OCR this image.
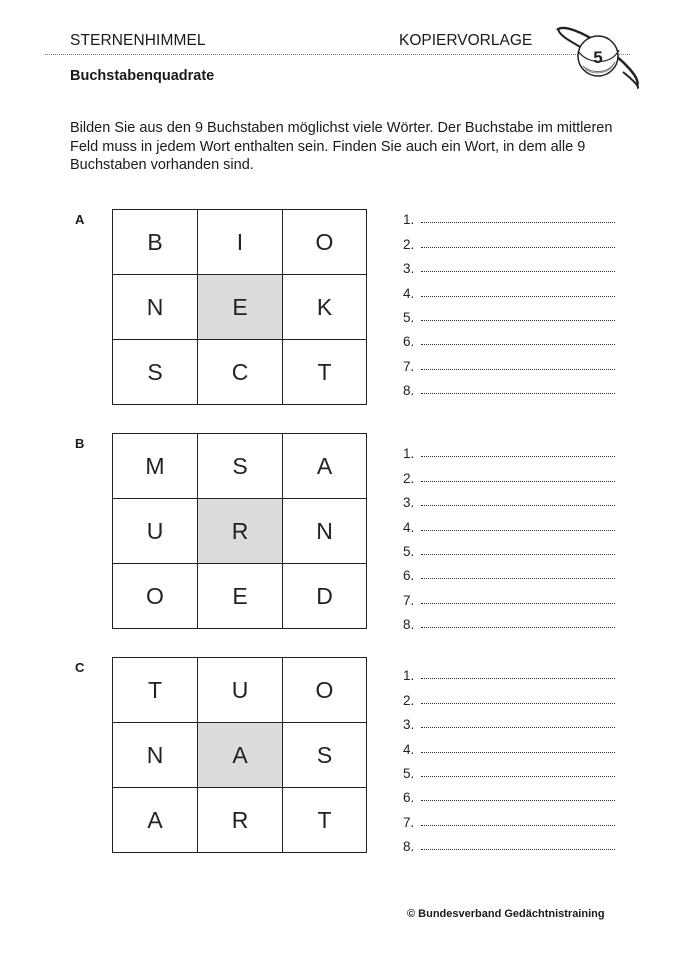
STERNENHIMMEL	KOPIERVORLAGE
5
Buchstabenquadrate
Bilden Sie aus den 9 Buchstaben möglichst viele Wörter. Der Buchstabe im mittleren Feld muss in jedem Wort enthalten sein. Finden Sie auch ein Wort, in dem alle 9 Buchstaben vorhanden sind.
A
B	I	O
N	E	K
S	C	T
1.
2.
3.
4.
5.
6.
7.
8.
B
M	S	A
U	R	N
O	E	D
1.
2.
3.
4.
5.
6.
7.
8.
C
T	U	O
N	A	S
A	R	T
1.
2.
3.
4.
5.
6.
7.
8.
© Bundesverband Gedächtnistraining
